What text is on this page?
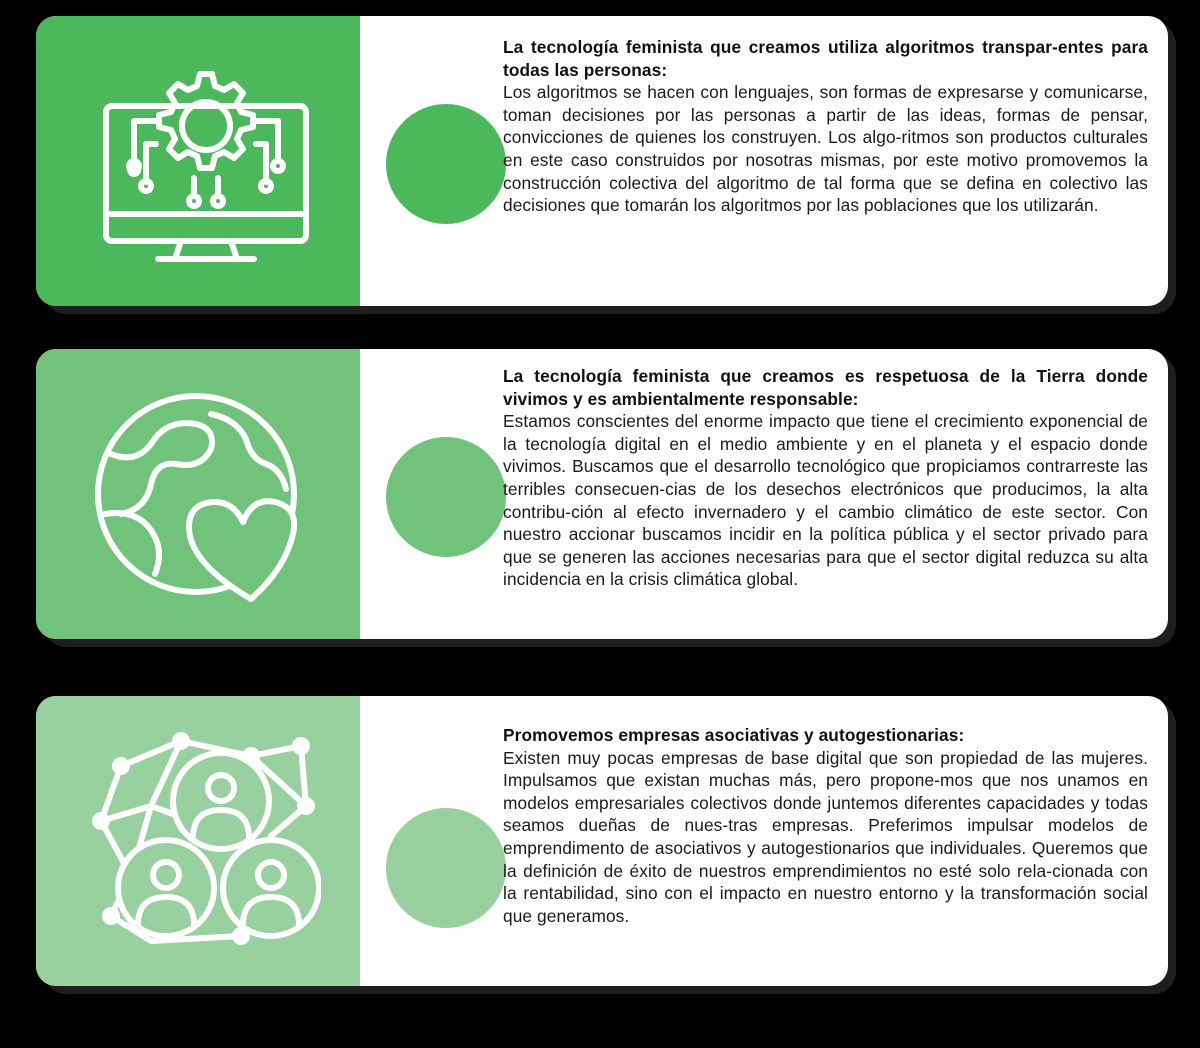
La tecnología feminista que creamos utiliza algoritmos transpar-entes para todas las personas:
Los algoritmos se hacen con lenguajes, son formas de expresarse y comunicarse, toman decisiones por las personas a partir de las ideas, formas de pensar, convicciones de quienes los construyen. Los algo-ritmos son productos culturales en este caso construidos por nosotras mismas, por este motivo promovemos la construcción colectiva del algoritmo de tal forma que se defina en colectivo las decisiones que tomarán los algoritmos por las poblaciones que los utilizarán.
La tecnología feminista que creamos es respetuosa de la Tierra donde vivimos y es ambientalmente responsable:
Estamos conscientes del enorme impacto que tiene el crecimiento exponencial de la tecnología digital en el medio ambiente y en el planeta y el espacio donde vivimos. Buscamos que el desarrollo tecnológico que propiciamos contrarreste las terribles consecuen-cias de los desechos electrónicos que producimos, la alta contribu-ción al efecto invernadero y el cambio climático de este sector. Con nuestro accionar buscamos incidir en la política pública y el sector privado para que se generen las acciones necesarias para que el sector digital reduzca su alta incidencia en la crisis climática global.
Promovemos empresas asociativas y autogestionarias:
Existen muy pocas empresas de base digital que son propiedad de las mujeres. Impulsamos que existan muchas más, pero propone-mos que nos unamos en modelos empresariales colectivos donde juntemos diferentes capacidades y todas seamos dueñas de nues-tras empresas. Preferimos impulsar modelos de emprendimento de asociativos y autogestionarios que individuales. Queremos que la definición de éxito de nuestros emprendimientos no esté solo rela-cionada con la rentabilidad, sino con el impacto en nuestro entorno y la transformación social que generamos.
